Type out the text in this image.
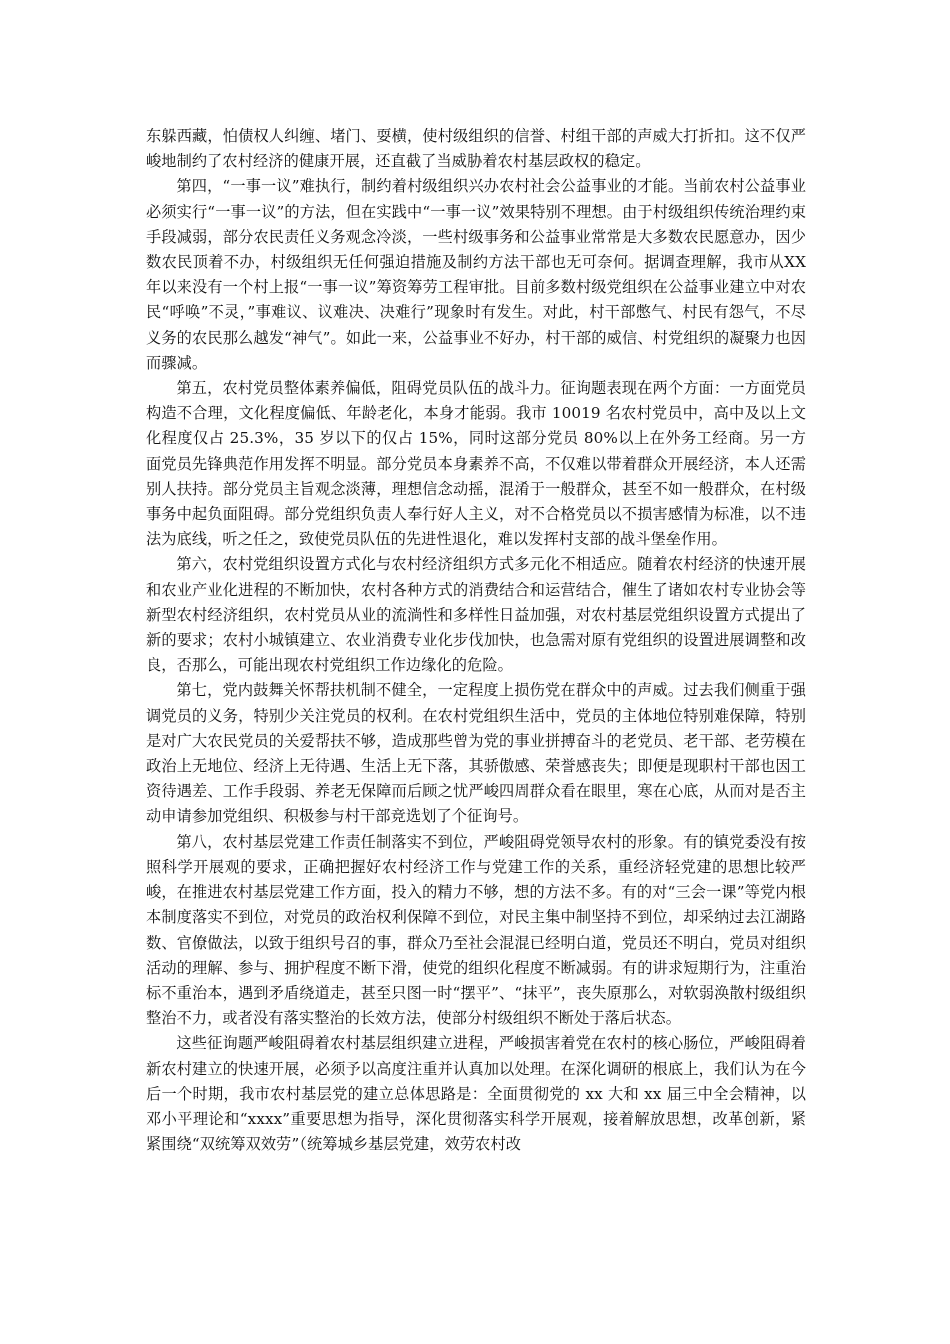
东躲西藏，怕债权人纠缠、堵门、耍横，使村级组织的信誉、村组干部的声威大打折扣。这不仅严峻地制约了农村经济的健康开展，还直截了当威胁着农村基层政权的稳定。

第四，“一事一议”难执行，制约着村级组织兴办农村社会公益事业的才能。当前农村公益事业必须实行“一事一议”的方法，但在实践中“一事一议”效果特别不理想。由于村级组织传统治理约束手段减弱，部分农民责任义务观念冷淡，一些村级事务和公益事业常常是大多数农民愿意办，因少数农民顶着不办，村级组织无任何强迫措施及制约方法干部也无可奈何。据调查理解，我市从XX年以来没有一个村上报“一事一议”筹资筹劳工程审批。目前多数村级党组织在公益事业建立中对农民“呼唤”不灵，”事难议、议难决、决难行”现象时有发生。对此，村干部憋气、村民有怨气，不尽义务的农民那么越发“神气”。如此一来，公益事业不好办，村干部的威信、村党组织的凝聚力也因而骤减。

第五，农村党员整体素养偏低，阻碍党员队伍的战斗力。征询题表现在两个方面：一方面党员构造不合理，文化程度偏低、年龄老化，本身才能弱。我市 10019 名农村党员中，高中及以上文化程度仅占 25.3%，35 岁以下的仅占 15%，同时这部分党员 80%以上在外务工经商。另一方面党员先锋典范作用发挥不明显。部分党员本身素养不高，不仅难以带着群众开展经济，本人还需别人扶持。部分党员主旨观念淡薄，理想信念动摇，混淆于一般群众，甚至不如一般群众，在村级事务中起负面阻碍。部分党组织负责人奉行好人主义，对不合格党员以不损害感情为标准，以不违法为底线，听之任之，致使党员队伍的先进性退化，难以发挥村支部的战斗堡垒作用。

第六，农村党组织设置方式化与农村经济组织方式多元化不相适应。随着农村经济的快速开展和农业产业化进程的不断加快，农村各种方式的消费结合和运营结合，催生了诸如农村专业协会等新型农村经济组织，农村党员从业的流淌性和多样性日益加强，对农村基层党组织设置方式提出了新的要求；农村小城镇建立、农业消费专业化步伐加快，也急需对原有党组织的设置进展调整和改良，否那么，可能出现农村党组织工作边缘化的危险。

第七，党内鼓舞关怀帮扶机制不健全，一定程度上损伤党在群众中的声威。过去我们侧重于强调党员的义务，特别少关注党员的权利。在农村党组织生活中，党员的主体地位特别难保障，特别是对广大农民党员的关爱帮扶不够，造成那些曾为党的事业拼搏奋斗的老党员、老干部、老劳模在政治上无地位、经济上无待遇、生活上无下落，其骄傲感、荣誉感丧失；即便是现职村干部也因工资待遇差、工作手段弱、养老无保障而后顾之忧严峻四周群众看在眼里，寒在心底，从而对是否主动申请参加党组织、积极参与村干部竞选划了个征询号。

第八，农村基层党建工作责任制落实不到位，严峻阻碍党领导农村的形象。有的镇党委没有按照科学开展观的要求，正确把握好农村经济工作与党建工作的关系，重经济轻党建的思想比较严峻，在推进农村基层党建工作方面，投入的精力不够，想的方法不多。有的对“三会一课”等党内根本制度落实不到位，对党员的政治权利保障不到位，对民主集中制坚持不到位，却采纳过去江湖路数、官僚做法，以致于组织号召的事，群众乃至社会混混已经明白道，党员还不明白，党员对组织活动的理解、参与、拥护程度不断下滑，使党的组织化程度不断减弱。有的讲求短期行为，注重治标不重治本，遇到矛盾绕道走，甚至只图一时“摆平”、“抹平”，丧失原那么，对软弱涣散村级组织整治不力，或者没有落实整治的长效方法，使部分村级组织不断处于落后状态。

这些征询题严峻阻碍着农村基层组织建立进程，严峻损害着党在农村的核心肠位，严峻阻碍着新农村建立的快速开展，必须予以高度注重并认真加以处理。在深化调研的根底上，我们认为在今后一个时期，我市农村基层党的建立总体思路是：全面贯彻党的 xx 大和 xx 届三中全会精神，以邓小平理论和“xxxx”重要思想为指导，深化贯彻落实科学开展观，接着解放思想，改革创新，紧紧围绕“双统筹双效劳”（统筹城乡基层党建，效劳农村改
